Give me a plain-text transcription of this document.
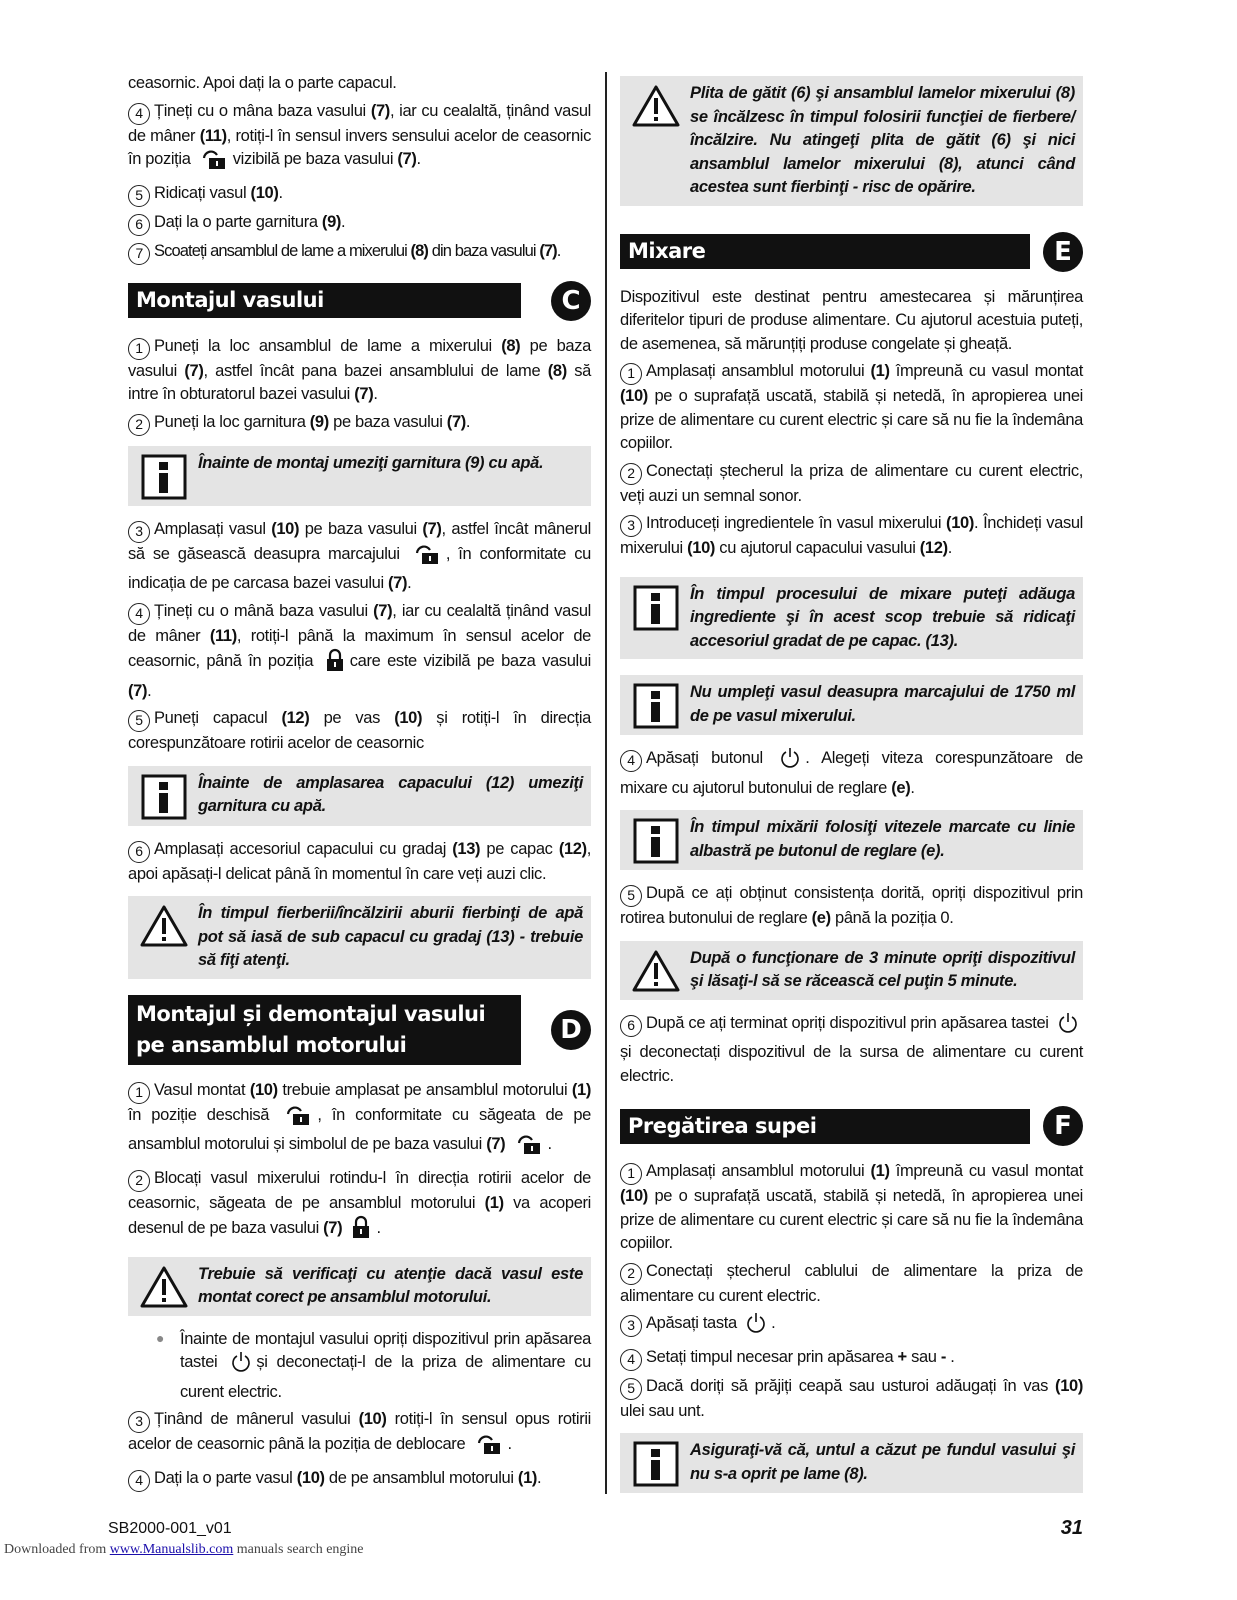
ceasornic. Apoi dați la o parte capacul.

4 Țineți cu o mâna baza vasului (7), iar cu cealaltă, ținând vasul de mâner (11), rotiți-l în sensul invers sensului acelor de ceasornic în poziția	vizibilă pe baza vasului (7).

5 Ridicați vasul (10).

6 Dați la o parte garnitura (9).

7 Scoateți ansamblul de lame a mixerului (8) din baza vasului (7).

Montajul vasului	C

1 Puneți la loc ansamblul de lame a mixerului (8) pe baza vasului (7), astfel încât pana bazei ansamblului de lame (8) să intre în obturatorul bazei vasului (7).

2 Puneți la loc garnitura (9) pe baza vasului (7).

Înainte de montaj umeziţi garnitura (9) cu apă.

3 Amplasați vasul (10) pe baza vasului (7), astfel încât mânerul să se găsească deasupra marcajului	, în conformitate cu indicația de pe carcasa bazei vasului (7).

4 Țineți cu o mână baza vasului (7), iar cu cealaltă ținând vasul de mâner (11), rotiți-l până la maximum în sensul acelor de ceasornic, până în poziția care este vizibilă pe baza vasului (7).

5 Puneți capacul (12) pe vas (10) și rotiți-l în direcția corespunzătoare rotirii acelor de ceasornic

Înainte de amplasarea capacului (12) umeziţi garnitura cu apă.

6 Amplasați accesoriul capacului cu gradaj (13) pe capac (12), apoi apăsați-l delicat până în momentul în care veți auzi clic.

În timpul fierberii/încălzirii aburii fierbinţi de apă pot să iasă de sub capacul cu gradaj (13) - trebuie să fiţi atenţi.
Montajul și demontajul vasului pe ansamblul motorului	D

1 Vasul montat (10) trebuie amplasat pe ansamblul motorului (1) în poziție deschisă	, în conformitate cu săgeata de pe ansamblul motorului și simbolul de pe baza vasului (7)	.

2 Blocați vasul mixerului rotindu-l în direcția rotirii acelor de ceasornic, săgeata de pe ansamblul motorului (1) va acoperi desenul de pe baza vasului (7) .

Trebuie să verificaţi cu atenţie dacă vasul este montat corect pe ansamblul motorului.
● Înainte de montajul vasului opriți dispozitivul prin apăsarea tastei și deconectați-l de la priza de alimentare cu curent electric.

3 Ținând de mânerul vasului (10) rotiți-l în sensul opus rotirii acelor de ceasornic până la poziția de deblocare	.

4 Dați la o parte vasul (10) de pe ansamblul motorului (1).

Plita de gătit (6) şi ansamblul lamelor mixerului (8) se încălzesc în timpul folosirii funcţiei de fierbere/încălzire. Nu atingeţi plita de gătit (6) şi nici ansamblul lamelor mixerului (8), atunci când acestea sunt fierbinţi - risc de opărire.
Mixare	E

Dispozitivul este destinat pentru amestecarea și mărunțirea diferitelor tipuri de produse alimentare. Cu ajutorul acestuia puteți, de asemenea, să mărunțiți produse congelate și gheață.

1 Amplasați ansamblul motorului (1) împreună cu vasul montat (10) pe o suprafață uscată, stabilă și netedă, în apropierea unei prize de alimentare cu curent electric și care să nu fie la îndemâna copiilor.

2 Conectați ștecherul la priza de alimentare cu curent electric, veți auzi un semnal sonor.

3 Introduceți ingredientele în vasul mixerului (10). Închideți vasul mixerului (10) cu ajutorul capacului vasului (12).

În timpul procesului de mixare puteţi adăuga ingrediente şi în acest scop trebuie să ridicaţi accesoriul gradat de pe capac. (13).
Nu umpleţi vasul deasupra marcajului de 1750 ml de pe vasul mixerului.

4 Apăsați butonul	. Alegeți viteza corespunzătoare de mixare cu ajutorul butonului de reglare (e).

În timpul mixării folosiţi vitezele marcate cu linie albastră pe butonul de reglare (e).

5 După ce ați obținut consistența dorită, opriți dispozitivul prin rotirea butonului de reglare (e) până la poziția 0.

După o funcţionare de 3 minute opriţi dispozitivul şi lăsaţi-l să se răcească cel puţin 5 minute.

6 După ce ați terminat opriți dispozitivul prin apăsarea tastei și deconectați dispozitivul de la sursa de alimentare cu curent electric.

Pregătirea supei	F

1 Amplasați ansamblul motorului (1) împreună cu vasul montat (10) pe o suprafață uscată, stabilă și netedă, în apropierea unei prize de alimentare cu curent electric și care să nu fie la îndemâna copiilor.

2 Conectați ștecherul cablului de alimentare la priza de alimentare cu curent electric.

3 Apăsați tasta .

4 Setați timpul necesar prin apăsarea + sau - .

5 Dacă doriți să prăjiți ceapă sau usturoi adăugați în vas (10) ulei sau unt.

Asiguraţi-vă că, untul a căzut pe fundul vasului şi nu s-a oprit pe lame (8).
SB2000-001_v01	31
Downloaded from www.Manualslib.com manuals search engine
